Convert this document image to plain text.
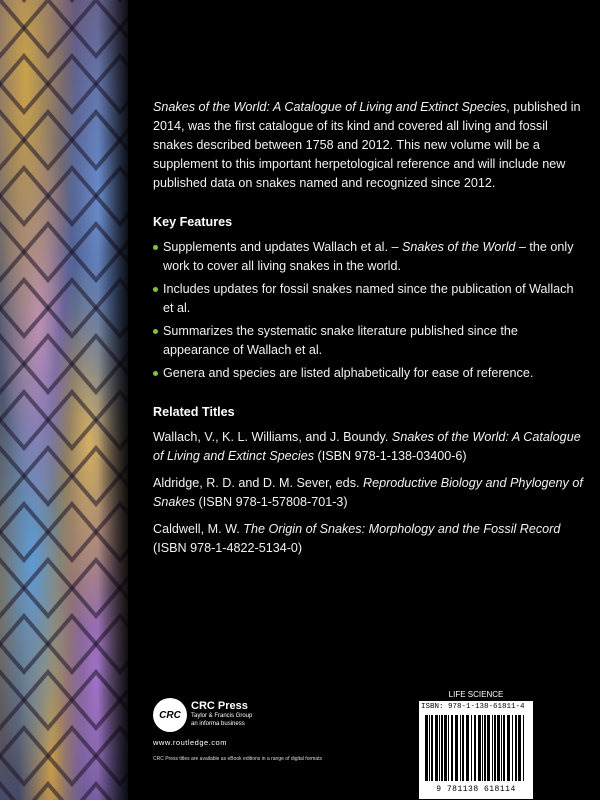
Snakes of the World: A Catalogue of Living and Extinct Species, published in 2014, was the first catalogue of its kind and covered all living and fossil snakes described between 1758 and 2012. This new volume will be a supplement to this important herpetological reference and will include new published data on snakes named and recognized since 2012.

Key Features
Supplements and updates Wallach et al. – Snakes of the World – the only work to cover all living snakes in the world.
Includes updates for fossil snakes named since the publication of Wallach et al.
Summarizes the systematic snake literature published since the appearance of Wallach et al.
Genera and species are listed alphabetically for ease of reference.
Related Titles

Wallach, V., K. L. Williams, and J. Boundy. Snakes of the World: A Catalogue of Living and Extinct Species (ISBN 978-1-138-03400-6)

Aldridge, R. D. and D. M. Sever, eds. Reproductive Biology and Phylogeny of Snakes (ISBN 978-1-57808-701-3)

Caldwell, M. W. The Origin of Snakes: Morphology and the Fossil Record (ISBN 978-1-4822-5134-0)

CRC
CRC Press
Taylor & Francis Group
an informa business
www.routledge.com
CRC Press titles are available as eBook editions in a range of digital formats
LIFE SCIENCE
ISBN: 978-1-138-61811-4
9 781138 618114
